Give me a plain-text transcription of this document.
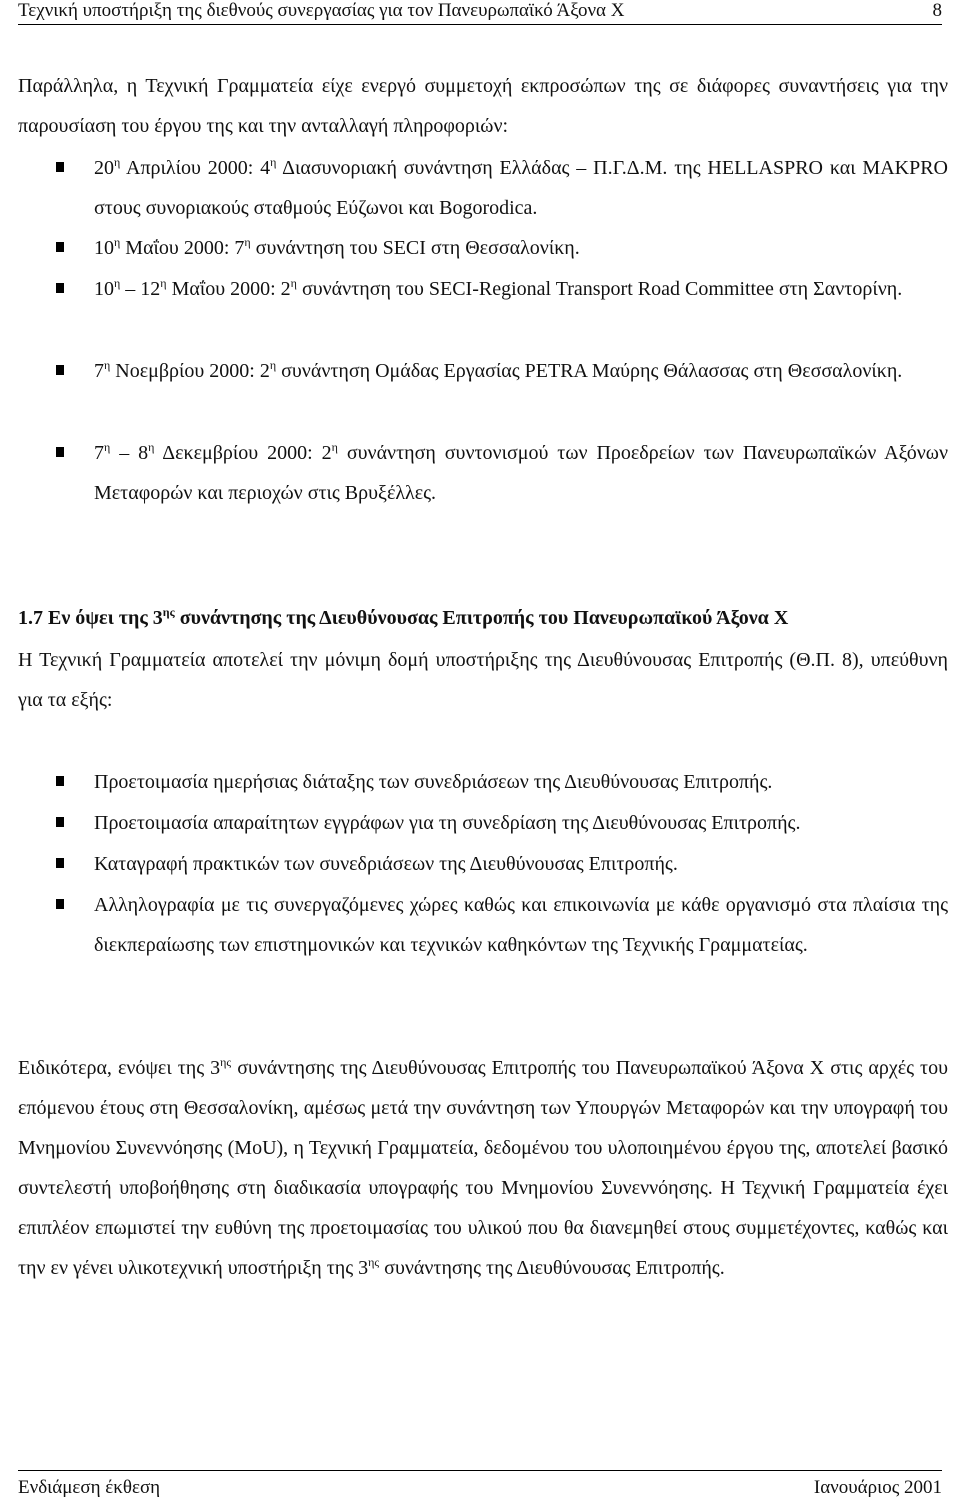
Τεχνική υποστήριξη της διεθνούς συνεργασίας για τον Πανευρωπαϊκό Άξονα Χ	8
Παράλληλα, η Τεχνική Γραμματεία είχε ενεργό συμμετοχή εκπροσώπων της σε διάφορες συναντήσεις για την παρουσίαση του έργου της και την ανταλλαγή πληροφοριών:
$20^\eta$ Απριλίου 2000: $4^\eta$ Διασυνοριακή συνάντηση Ελλάδας – Π.Γ.Δ.Μ. της HELLASPRO και MAKPRO στους συνοριακούς σταθμούς Εύζωνοι και Bogorodica.
$10^\eta$ Μαΐου 2000: $7^\eta$ συνάντηση του SECI στη Θεσσαλονίκη.
$10^\eta - 12^\eta$ Μαΐου 2000: $2^\eta$ συνάντηση του SECI-Regional Transport Road Committee στη Σαντορίνη.
$7^\eta$ Νοεμβρίου 2000: $2^\eta$ συνάντηση Ομάδας Εργασίας PETRA Μαύρης Θάλασσας στη Θεσσαλονίκη.
$7^\eta - 8^\eta$ Δεκεμβρίου 2000: $2^\eta$ συνάντηση συντονισμού των Προεδρείων των Πανευρωπαϊκών Αξόνων Μεταφορών και περιοχών στις Βρυξέλλες.
1.7 Εν όψει της $3^{\eta\varsigma}$ συνάντησης της Διευθύνουσας Επιτροπής του Πανευρωπαϊκού Άξονα Χ
Η Τεχνική Γραμματεία αποτελεί την μόνιμη δομή υποστήριξης της Διευθύνουσας Επιτροπής (Θ.Π. 8), υπεύθυνη για τα εξής:
Προετοιμασία ημερήσιας διάταξης των συνεδριάσεων της Διευθύνουσας Επιτροπής.
Προετοιμασία απαραίτητων εγγράφων για τη συνεδρίαση της Διευθύνουσας Επιτροπής.
Καταγραφή πρακτικών των συνεδριάσεων της Διευθύνουσας Επιτροπής.
Αλληλογραφία με τις συνεργαζόμενες χώρες καθώς και επικοινωνία με κάθε οργανισμό στα πλαίσια της διεκπεραίωσης των επιστημονικών και τεχνικών καθηκόντων της Τεχνικής Γραμματείας.
Ειδικότερα, ενόψει της $3^{\eta\varsigma}$ συνάντησης της Διευθύνουσας Επιτροπής του Πανευρωπαϊκού Άξονα Χ στις αρχές του επόμενου έτους στη Θεσσαλονίκη, αμέσως μετά την συνάντηση των Υπουργών Μεταφορών και την υπογραφή του Μνημονίου Συνεννόησης (MoU), η Τεχνική Γραμματεία, δεδομένου του υλοποιημένου έργου της, αποτελεί βασικό συντελεστή υποβοήθησης στη διαδικασία υπογραφής του Μνημονίου Συνεννόησης. Η Τεχνική Γραμματεία έχει επιπλέον επωμιστεί την ευθύνη της προετοιμασίας του υλικού που θα διανεμηθεί στους συμμετέχοντες, καθώς και την εν γένει υλικοτεχνική υποστήριξη της $3^{\eta\varsigma}$ συνάντησης της Διευθύνουσας Επιτροπής.
Ενδιάμεση έκθεση	Ιανουάριος 2001
